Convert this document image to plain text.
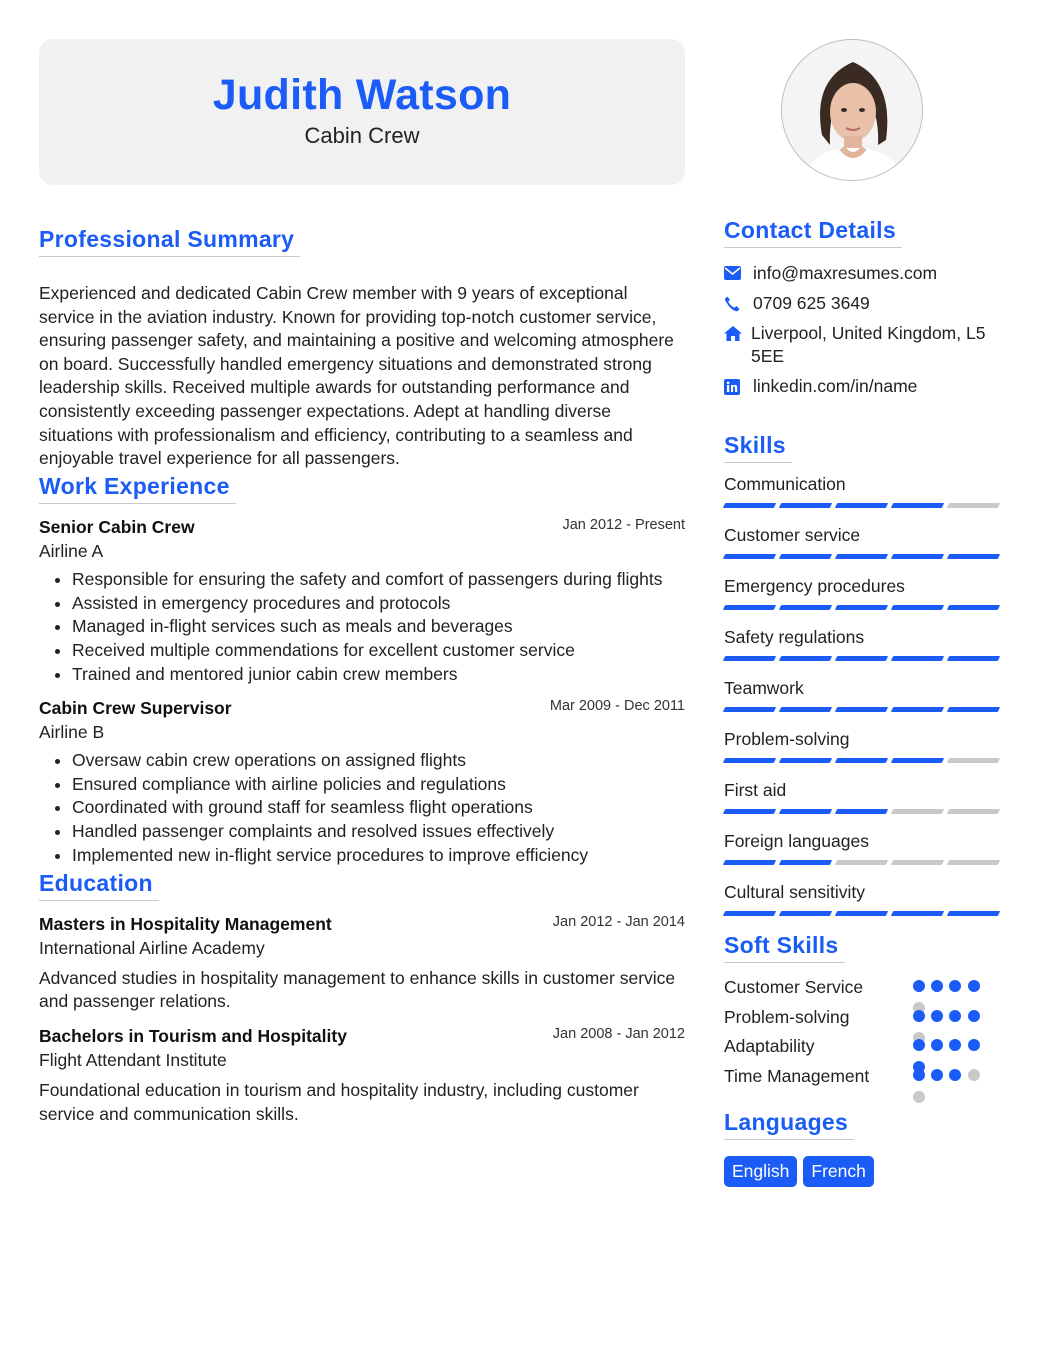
Judith Watson
Cabin Crew
Professional Summary

Experienced and dedicated Cabin Crew member with 9 years of exceptional service in the aviation industry. Known for providing top-notch customer service, ensuring passenger safety, and maintaining a positive and welcoming atmosphere on board. Successfully handled emergency situations and demonstrated strong leadership skills. Received multiple awards for outstanding performance and consistently exceeding passenger expectations. Adept at handling diverse situations with professionalism and efficiency, contributing to a seamless and enjoyable travel experience for all passengers.

Work Experience
Senior Cabin Crew	Jan 2012 - Present
Airline A
• Responsible for ensuring the safety and comfort of passengers during flights
• Assisted in emergency procedures and protocols
• Managed in-flight services such as meals and beverages
• Received multiple commendations for excellent customer service
• Trained and mentored junior cabin crew members
Cabin Crew Supervisor	Mar 2009 - Dec 2011
Airline B
• Oversaw cabin crew operations on assigned flights
• Ensured compliance with airline policies and regulations
• Coordinated with ground staff for seamless flight operations
• Handled passenger complaints and resolved issues effectively
• Implemented new in-flight service procedures to improve efficiency
Education
Masters in Hospitality Management	Jan 2012 - Jan 2014
International Airline Academy

Advanced studies in hospitality management to enhance skills in customer service and passenger relations.

Bachelors in Tourism and Hospitality	Jan 2008 - Jan 2012
Flight Attendant Institute

Foundational education in tourism and hospitality industry, including customer service and communication skills.

Contact Details
info@maxresumes.com
0709 625 3649
Liverpool, United Kingdom, L5 5EE
linkedin.com/in/name
Skills
Communication
Customer service
Emergency procedures
Safety regulations
Teamwork
Problem-solving
First aid
Foreign languages
Cultural sensitivity
Soft Skills
Customer Service
Problem-solving
Adaptability
Time Management
Languages
English	French
